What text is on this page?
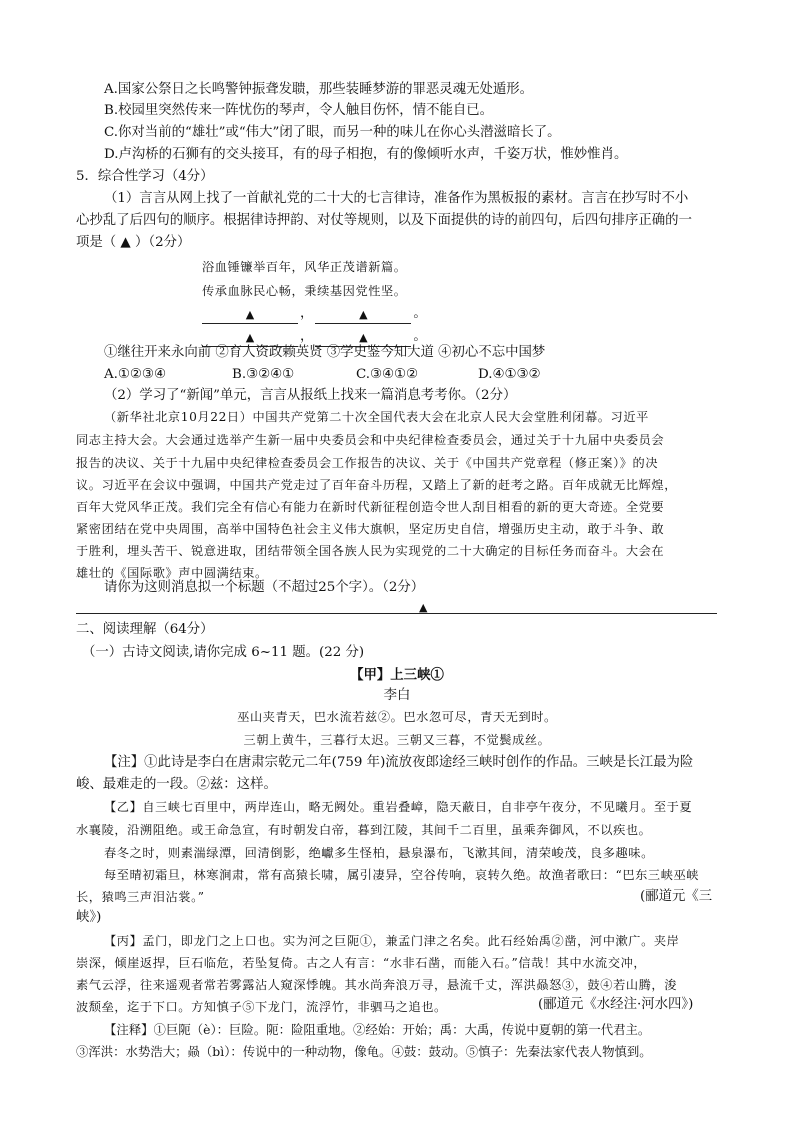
A.国家公祭日之长鸣警钟振聋发聩，那些装睡梦游的罪恶灵魂无处遁形。
B.校园里突然传来一阵忧伤的琴声，令人触目伤怀，情不能自已。
C.你对当前的“雄壮”或“伟大”闭了眼，而另一种的味儿在你心头潜滋暗长了。
D.卢沟桥的石狮有的交头接耳，有的母子相抱，有的像倾听水声，千姿万状，惟妙惟肖。
5．综合性学习（4分）
（1）言言从网上找了一首献礼党的二十大的七言律诗，准备作为黑板报的素材。言言在抄写时不小
心抄乱了后四句的顺序。根据律诗押韵、对仗等规则，以及下面提供的诗的前四句，后四句排序正确的一
项是（ ▲ ）（2分）
浴血锤镰举百年，风华正茂谱新篇。
传承血脉民心畅，秉续基因党性坚。
▲	，	▲	。
▲	，	▲	。
①继往开来永向前 ②育人资政赖英贤 ③学史鉴今知大道 ④初心不忘中国梦
A.①②③④	B.③②④①	C.③④①②	D.④①③②
（2）学习了“新闻”单元，言言从报纸上找来一篇消息考考你。（2分）
（新华社北京10月22日）中国共产党第二十次全国代表大会在北京人民大会堂胜利闭幕。习近平
同志主持大会。大会通过选举产生新一届中央委员会和中央纪律检查委员会，通过关于十九届中央委员会
报告的决议、关于十九届中央纪律检查委员会工作报告的决议、关于《中国共产党章程（修正案）》的决
议。习近平在会议中强调，中国共产党走过了百年奋斗历程，又踏上了新的赶考之路。百年成就无比辉煌，
百年大党风华正茂。我们完全有信心有能力在新时代新征程创造令世人刮目相看的新的更大奇迹。全党要
紧密团结在党中央周围，高举中国特色社会主义伟大旗帜，坚定历史自信，增强历史主动，敢于斗争、敢
于胜利，埋头苦干、锐意进取，团结带领全国各族人民为实现党的二十大确定的目标任务而奋斗。大会在
雄壮的《国际歌》声中圆满结束。
请你为这则消息拟一个标题（不超过25个字）。（2分）
▲
二、阅读理解（64分）
（一）古诗文阅读,请你完成 6~11 题。(22 分)
【甲】上三峡①
李白
巫山夹青天，巴水流若兹②。巴水忽可尽，青天无到时。
三朝上黄牛，三暮行太迟。三朝又三暮，不觉鬓成丝。
【注】①此诗是李白在唐肃宗乾元二年(759 年)流放夜郎途经三峡时创作的作品。三峡是长江最为险
峻、最难走的一段。②兹：这样。
【乙】自三峡七百里中，两岸连山，略无阙处。重岩叠嶂，隐天蔽日，自非亭午夜分，不见曦月。至于夏
水襄陵，沿溯阻绝。或王命急宣，有时朝发白帝，暮到江陵，其间千二百里，虽乘奔御风，不以疾也。
春冬之时，则素湍绿潭，回清倒影，绝巘多生怪柏，悬泉瀑布，飞漱其间，清荣峻茂，良多趣味。
每至晴初霜旦，林寒涧肃，常有高猿长啸，属引凄异，空谷传响，哀转久绝。故渔者歌曰：“巴东三峡巫峡
长，猿鸣三声泪沾裳。”	(郦道元《三
峡》)
【丙】孟门，即龙门之上口也。实为河之巨阨①，兼孟门津之名矣。此石经始禹②凿，河中漱广。夹岸
崇深，倾崖返捍，巨石临危，若坠复倚。古之人有言：“水非石凿，而能入石。”信哉！其中水流交冲，
素气云浮，往来遥观者常若雾露沾人窥深悸魄。其水尚奔浪万寻，悬流千丈，浑洪赑怒③，鼓④若山腾，浚
波颓垒，迄于下口。方知慎子⑤下龙门，流浮竹，非驷马之追也。	(郦道元《水经注·河水四》)
【注释】①巨阨（è）：巨险。阨：险阻重地。②经始：开始；禹：大禹，传说中夏朝的第一代君主。
③浑洪：水势浩大；赑（bì）：传说中的一种动物，像龟。④鼓：鼓动。⑤慎子：先秦法家代表人物慎到。
